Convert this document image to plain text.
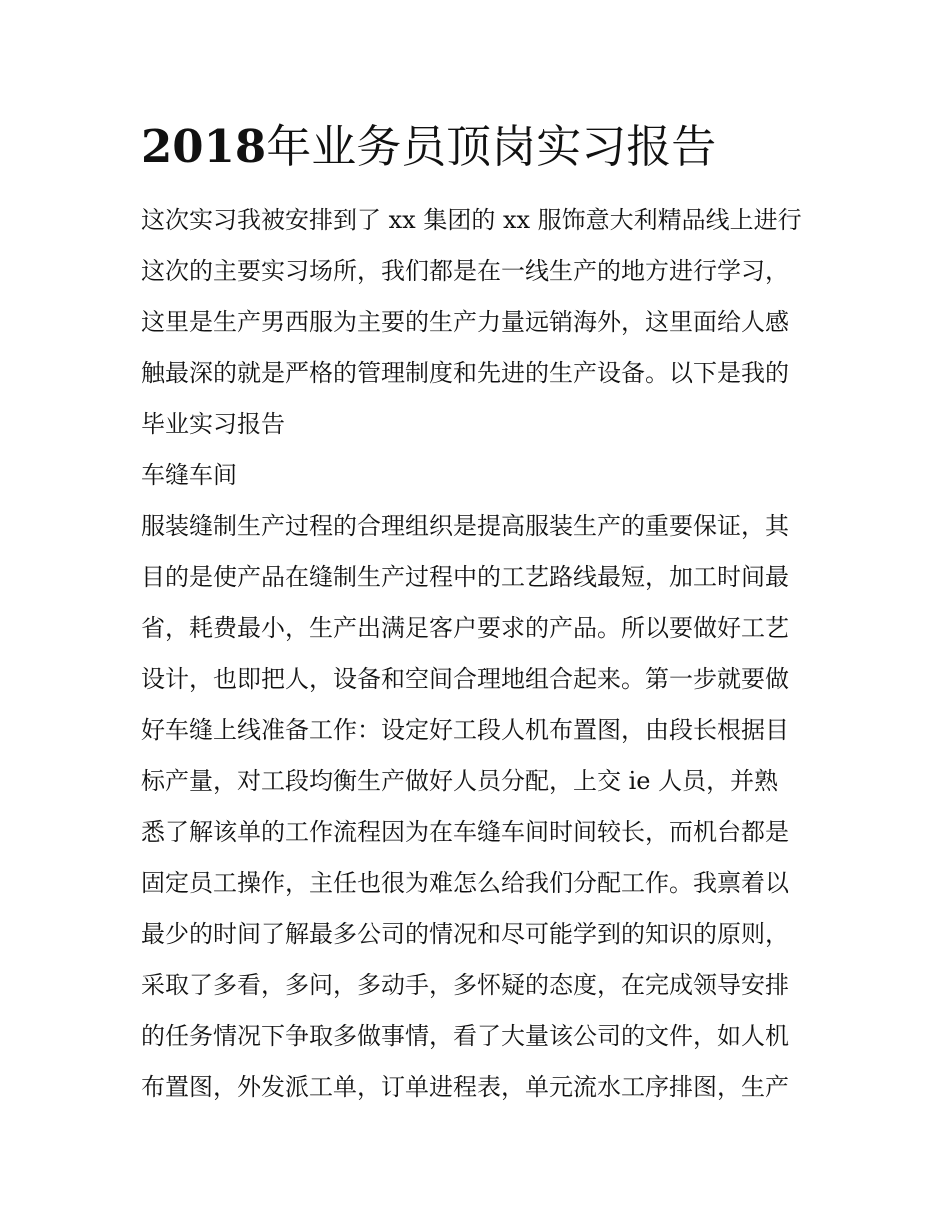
2018年业务员顶岗实习报告
这次实习我被安排到了 xx 集团的 xx 服饰意大利精品线上进行
这次的主要实习场所，我们都是在一线生产的地方进行学习，
这里是生产男西服为主要的生产力量远销海外，这里面给人感
触最深的就是严格的管理制度和先进的生产设备。以下是我的
毕业实习报告
车缝车间
服装缝制生产过程的合理组织是提高服装生产的重要保证，其
目的是使产品在缝制生产过程中的工艺路线最短，加工时间最
省，耗费最小，生产出满足客户要求的产品。所以要做好工艺
设计，也即把人，设备和空间合理地组合起来。第一步就要做
好车缝上线准备工作：设定好工段人机布置图，由段长根据目
标产量，对工段均衡生产做好人员分配，上交 ie 人员，并熟
悉了解该单的工作流程因为在车缝车间时间较长，而机台都是
固定员工操作，主任也很为难怎么给我们分配工作。我禀着以
最少的时间了解最多公司的情况和尽可能学到的知识的原则，
采取了多看，多问，多动手，多怀疑的态度，在完成领导安排
的任务情况下争取多做事情，看了大量该公司的文件，如人机
布置图，外发派工单，订单进程表，单元流水工序排图，生产
